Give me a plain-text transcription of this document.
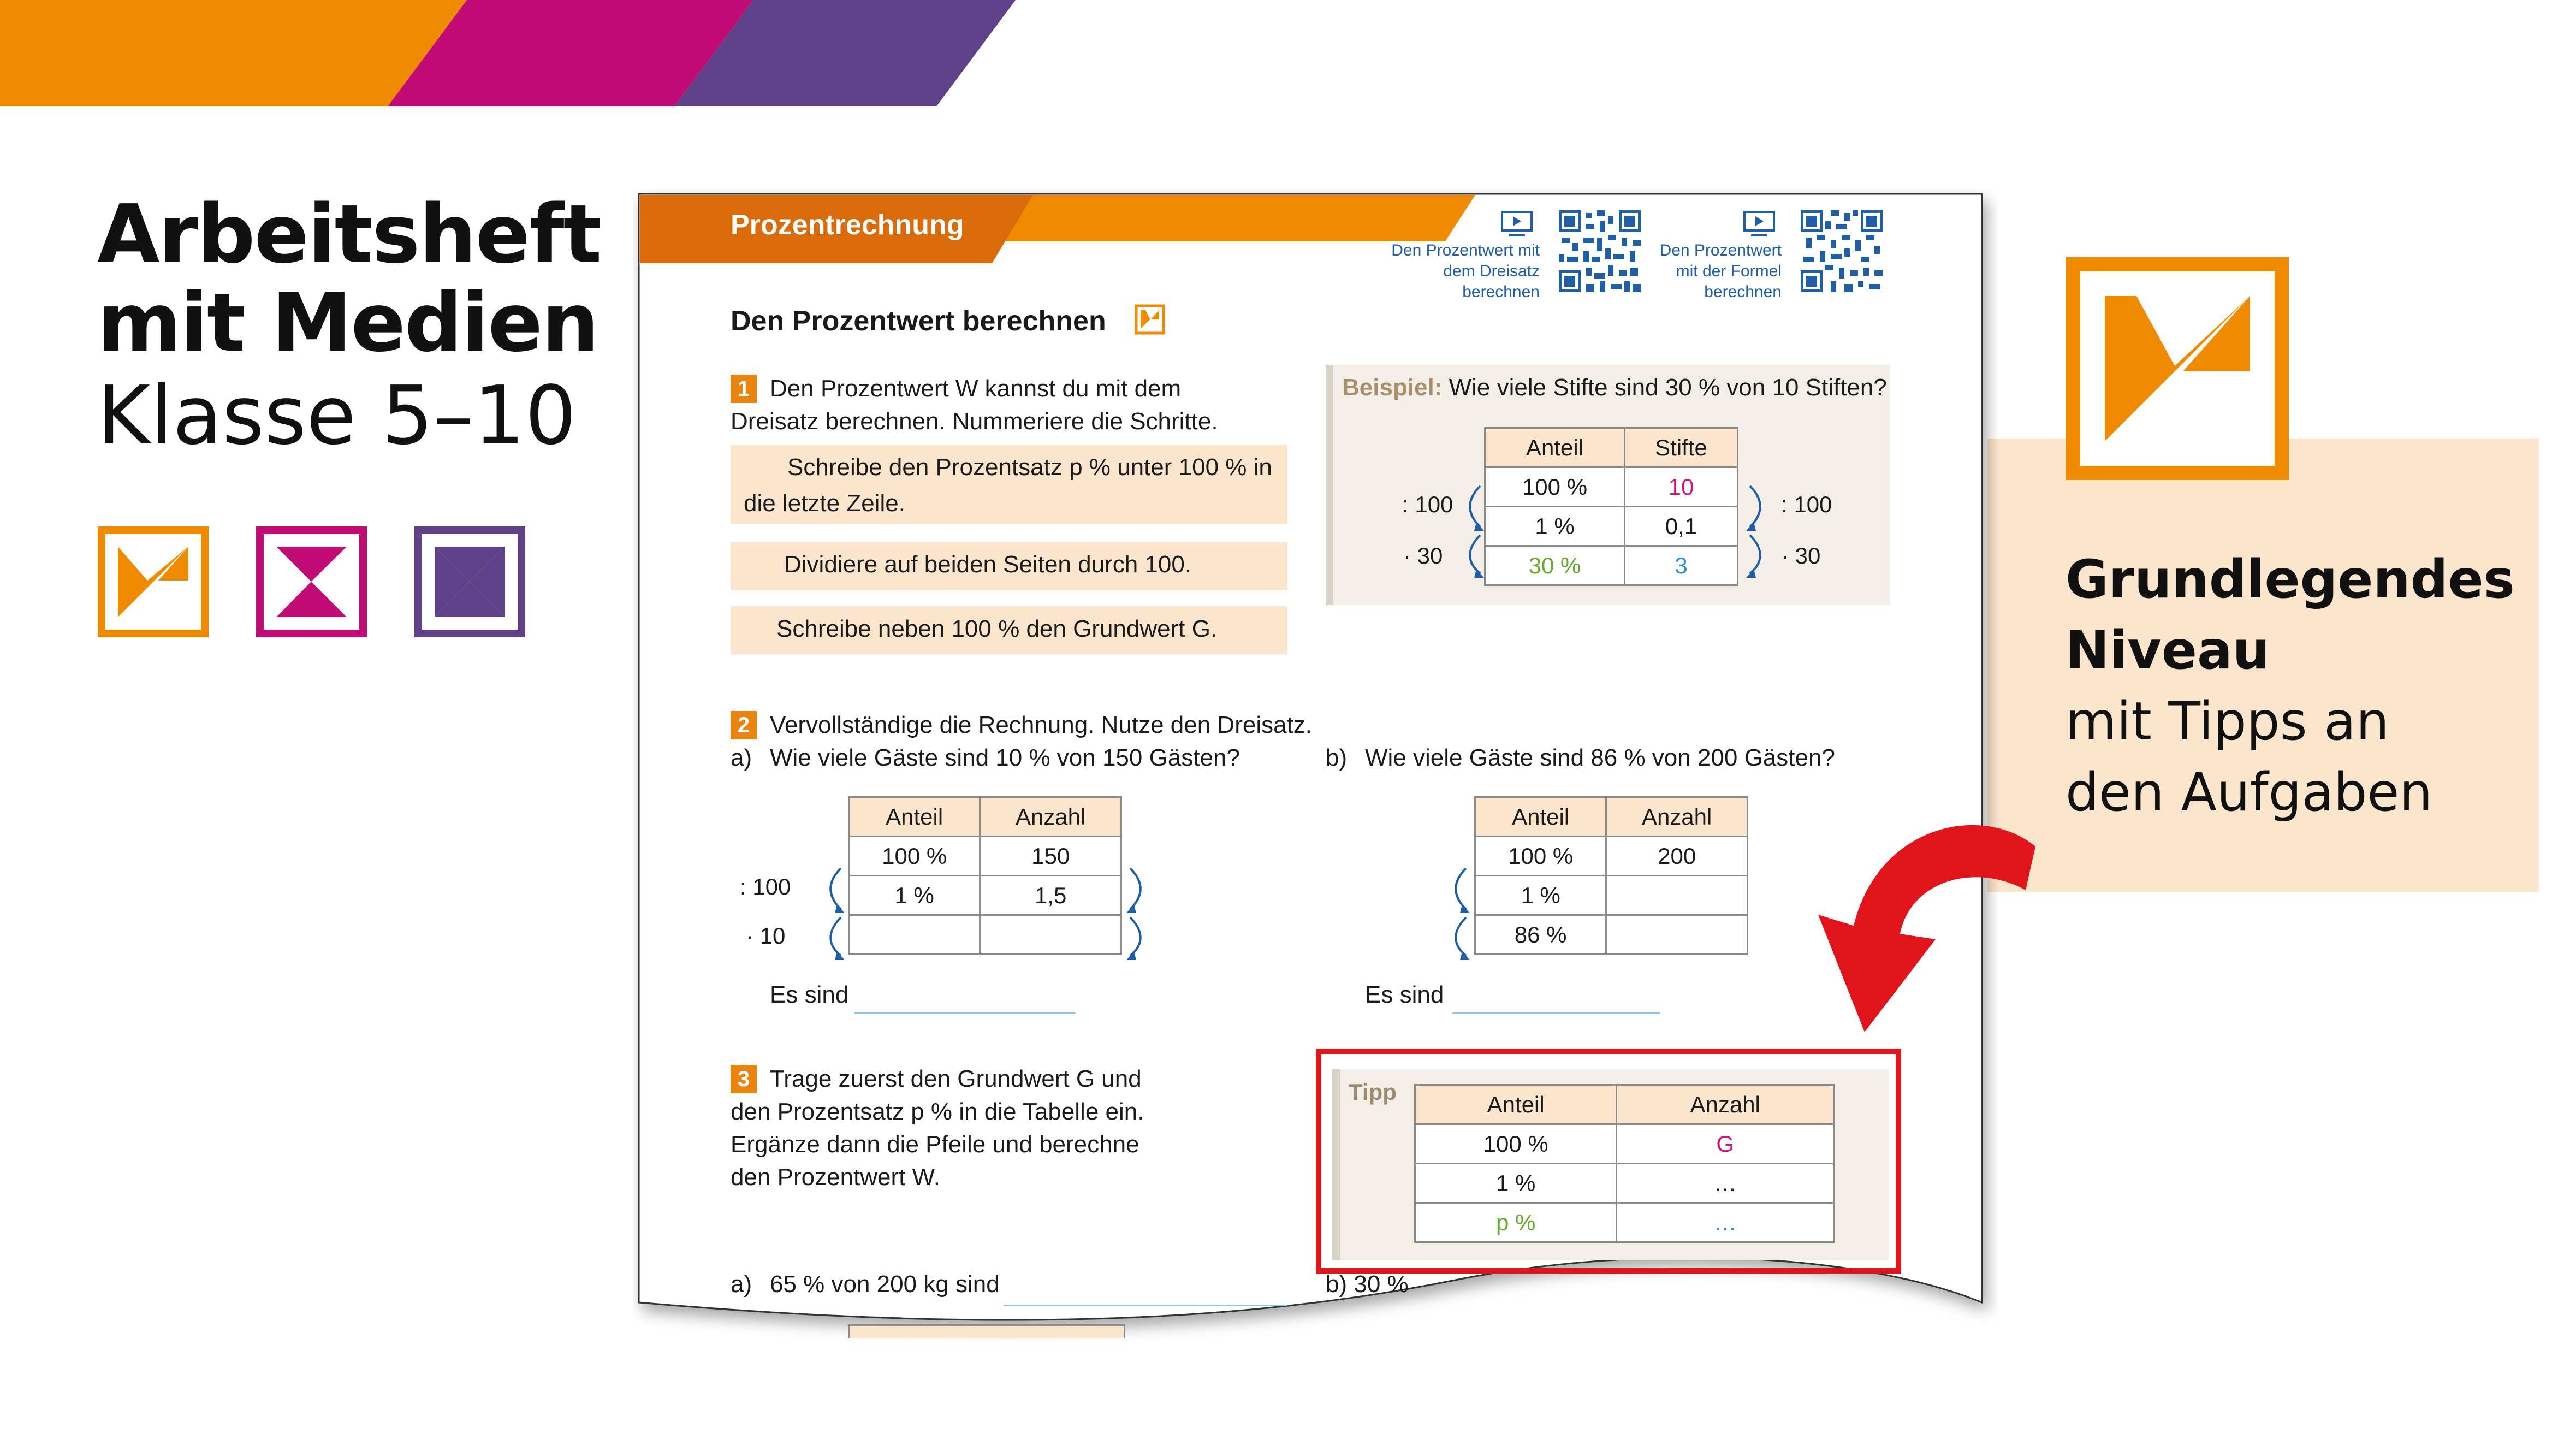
Arbeitsheft
mit Medien
Klasse 5–10
Grundlegendes
Niveau
mit Tipps an
den Aufgaben
Prozentrechnung
Den Prozentwert mit
dem Dreisatz
berechnen
Den Prozentwert
mit der Formel
berechnen
Den Prozentwert berechnen
1 Den Prozentwert W kannst du mit dem
Dreisatz berechnen. Nummeriere die Schritte.
Schreibe den Prozentsatz p % unter 100 % in
die letzte Zeile.
Dividiere auf beiden Seiten durch 100.
Schreibe neben 100 % den Grundwert G.
Beispiel: Wie viele Stifte sind 30 % von 10 Stiften?
Anteil	Stifte
100 %	10
1 %	0,1
30 %	3
: 100
· 30
: 100
· 30
2 Vervollständige die Rechnung. Nutze den Dreisatz.
a) Wie viele Gäste sind 10 % von 150 Gästen?	b) Wie viele Gäste sind 86 % von 200 Gästen?
Anteil	Anzahl
100 %	150
1 %	1,5

: 100
· 10
Es sind
Anteil	Anzahl
100 %	200
1 %	
86 %	
Es sind
3 Trage zuerst den Grundwert G und
den Prozentsatz p % in die Tabelle ein.
Ergänze dann die Pfeile und berechne
den Prozentwert W.
a) 65 % von 200 kg sind	b) 30 %
Tipp	Anteil	Anzahl
100 %	G
1 %	…
p %	…
